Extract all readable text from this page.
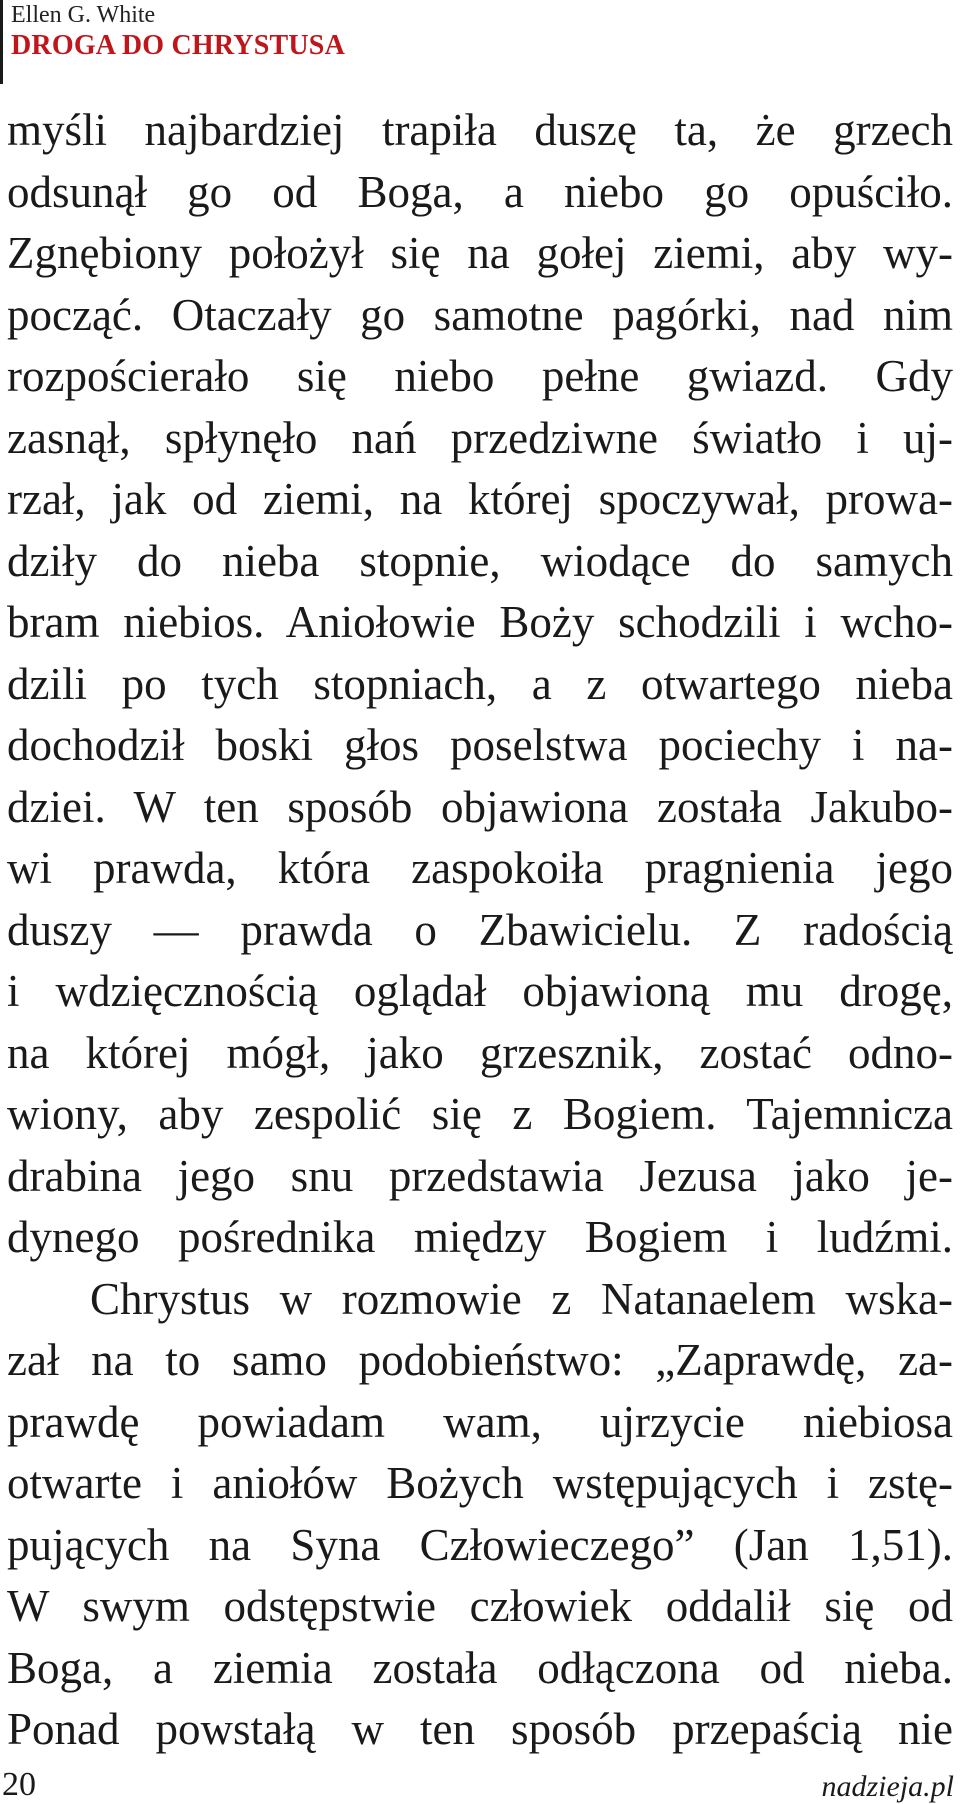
Ellen G. White
DROGA DO CHRYSTUSA
myśli najbardziej trapiła duszę ta, że grzech
odsunął go od Boga, a niebo go opuściło.
Zgnębiony położył się na gołej ziemi, aby wy-
począć. Otaczały go samotne pagórki, nad nim
rozpościerało się niebo pełne gwiazd. Gdy
zasnął, spłynęło nań przedziwne światło i uj-
rzał, jak od ziemi, na której spoczywał, prowa-
dziły do nieba stopnie, wiodące do samych
bram niebios. Aniołowie Boży schodzili i wcho-
dzili po tych stopniach, a z otwartego nieba
dochodził boski głos poselstwa pociechy i na-
dziei. W ten sposób objawiona została Jakubo-
wi prawda, która zaspokoiła pragnienia jego
duszy — prawda o Zbawicielu. Z radością
i wdzięcznością oglądał objawioną mu drogę,
na której mógł, jako grzesznik, zostać odno-
wiony, aby zespolić się z Bogiem. Tajemnicza
drabina jego snu przedstawia Jezusa jako je-
dynego pośrednika między Bogiem i ludźmi.
Chrystus w rozmowie z Natanaelem wska-
zał na to samo podobieństwo: „Zaprawdę, za-
prawdę powiadam wam, ujrzycie niebiosa
otwarte i aniołów Bożych wstępujących i zstę-
pujących na Syna Człowieczego” (Jan 1,51).
W swym odstępstwie człowiek oddalił się od
Boga, a ziemia została odłączona od nieba.
Ponad powstałą w ten sposób przepaścią nie
20	nadzieja.pl
